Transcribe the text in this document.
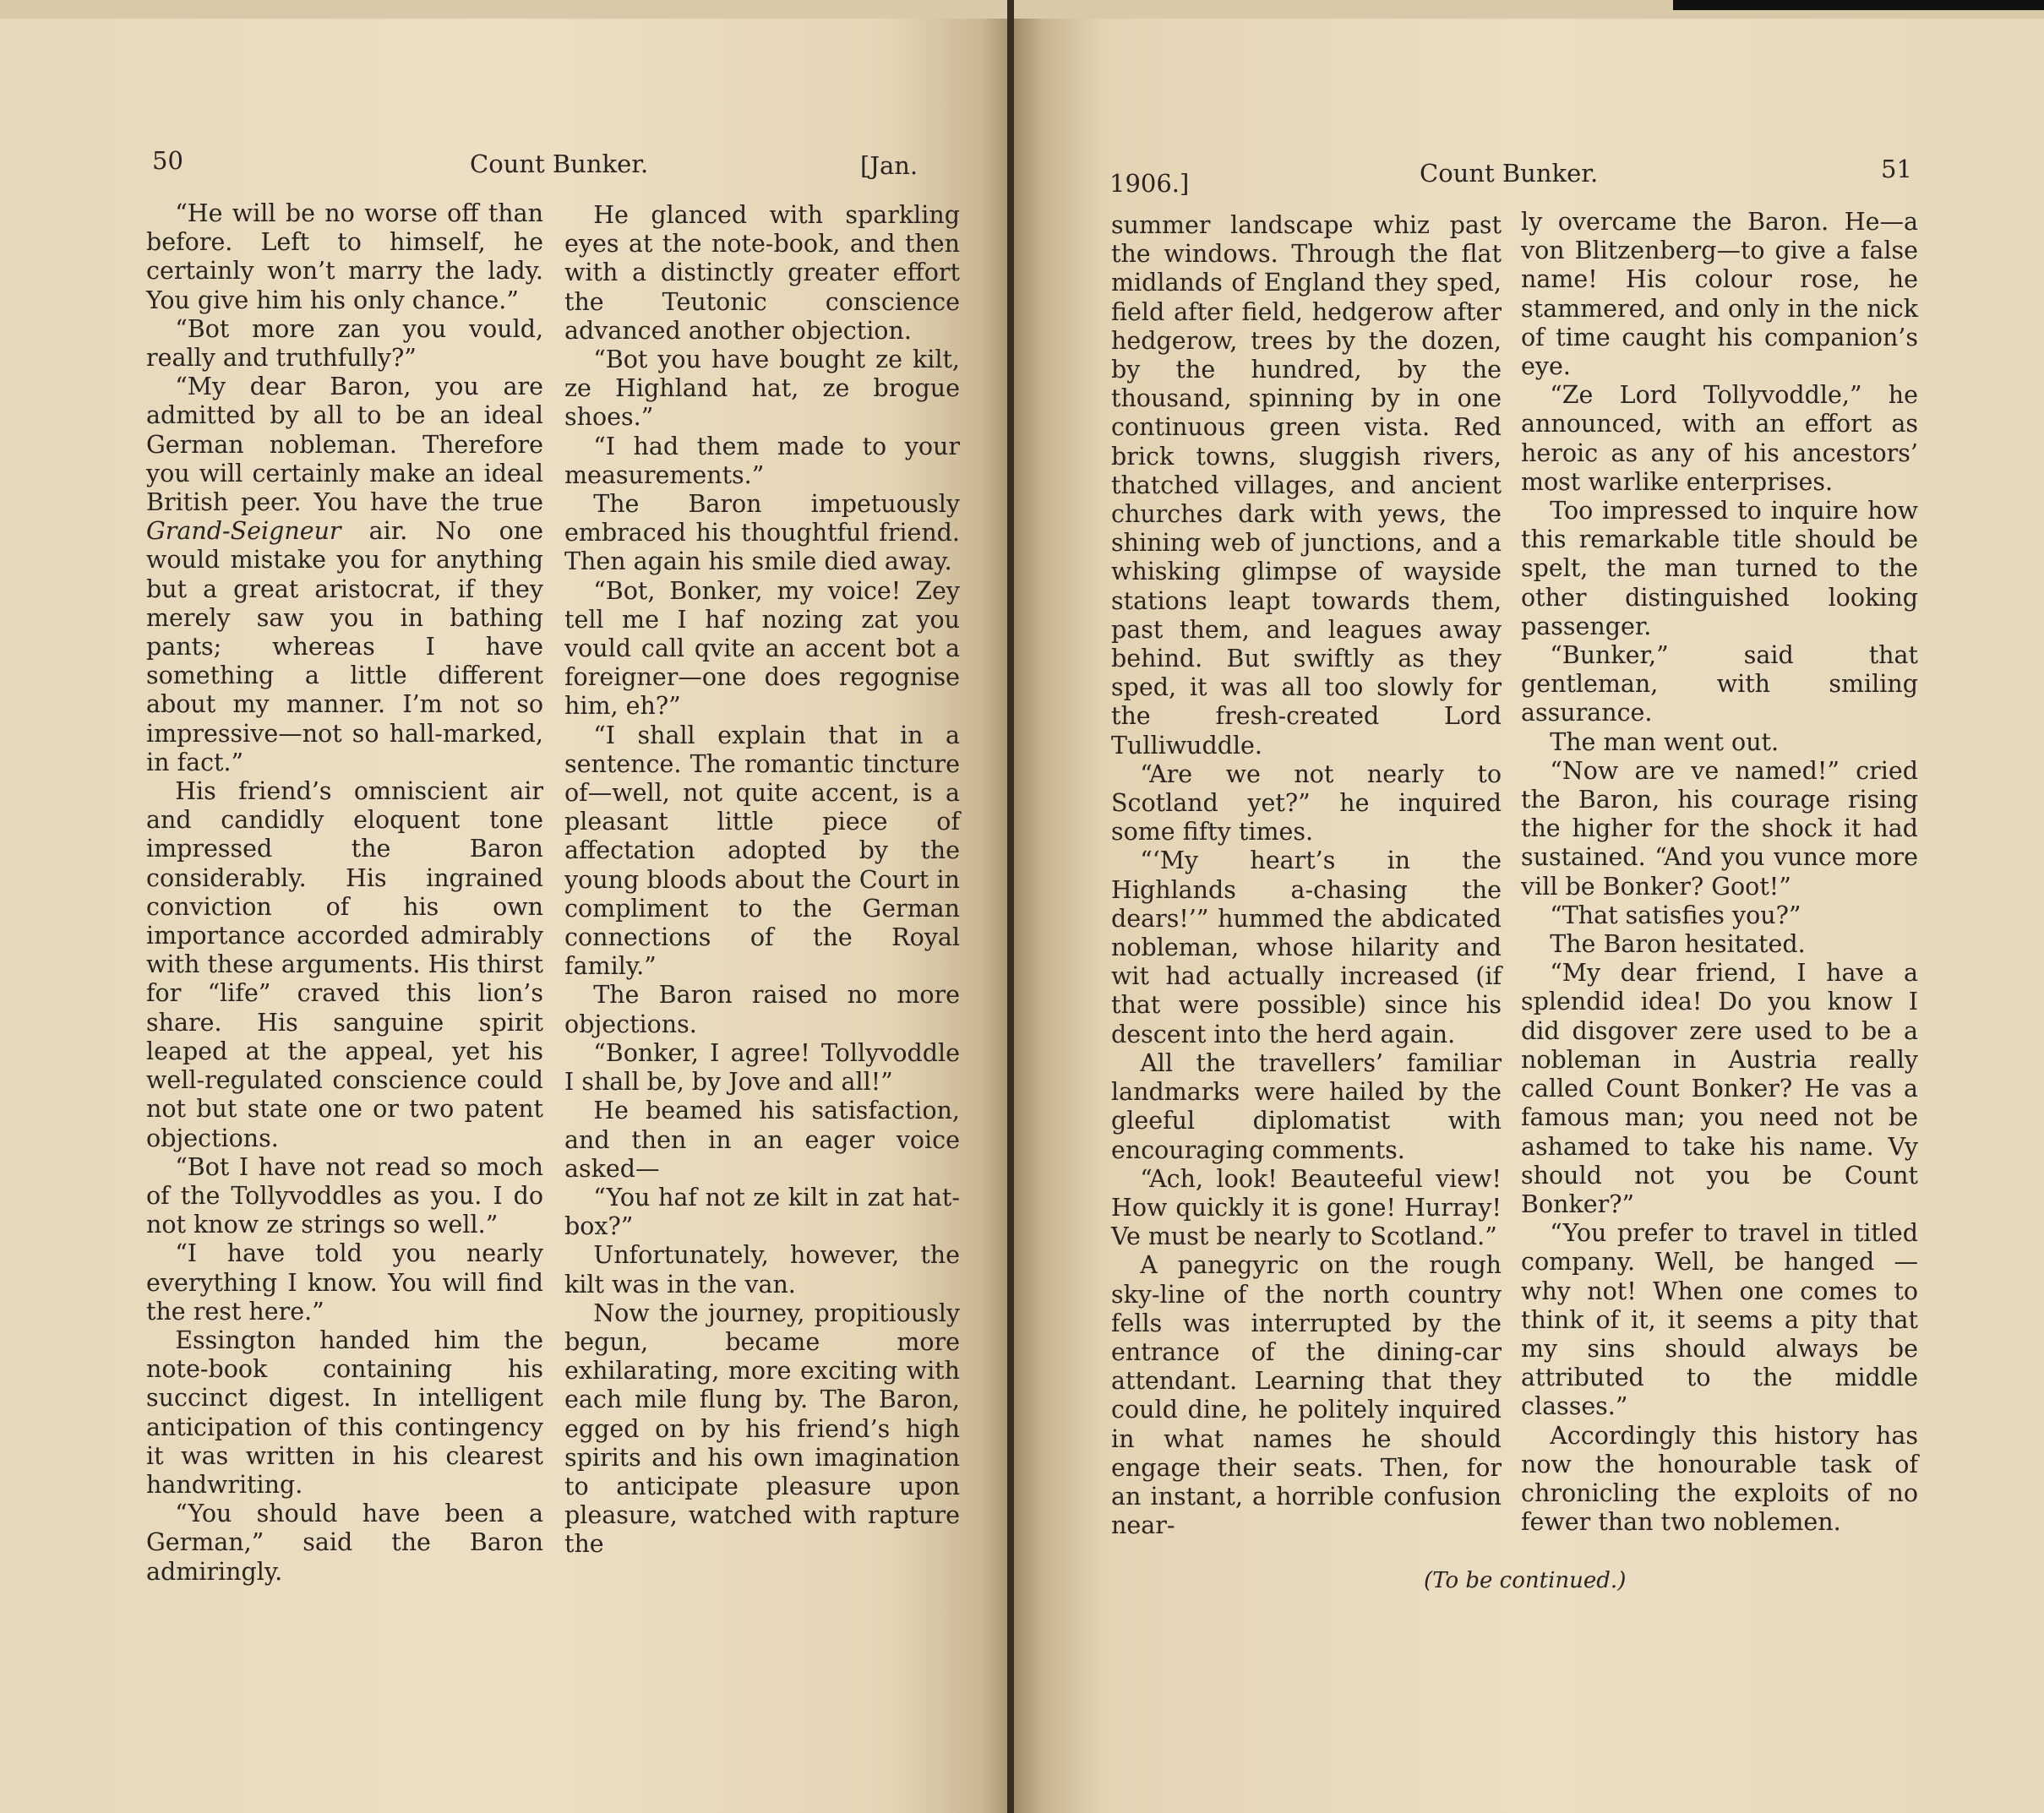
50	Count Bunker.	[Jan.

“He will be no worse off than before. Left to himself, he certainly won’t marry the lady. You give him his only chance.”

“Bot more zan you vould, really and truthfully?”

“My dear Baron, you are admitted by all to be an ideal German nobleman. Therefore you will certainly make an ideal British peer. You have the true Grand-Seigneur air. No one would mistake you for anything but a great aristocrat, if they merely saw you in bathing pants; whereas I have something a little different about my manner. I’m not so impressive—not so hall-marked, in fact.”

His friend’s omniscient air and candidly eloquent tone impressed the Baron considerably. His ingrained conviction of his own importance accorded admirably with these arguments. His thirst for “life” craved this lion’s share. His sanguine spirit leaped at the appeal, yet his well-regulated conscience could not but state one or two patent objections.

“Bot I have not read so moch of the Tollyvoddles as you. I do not know ze strings so well.”

“I have told you nearly everything I know. You will find the rest here.”

Essington handed him the note-book containing his succinct digest. In intelligent anticipation of this contingency it was written in his clearest handwriting.

“You should have been a German,” said the Baron admiringly.

He glanced with sparkling eyes at the note-book, and then with a distinctly greater effort the Teutonic conscience advanced another objection.

“Bot you have bought ze kilt, ze Highland hat, ze brogue shoes.”

“I had them made to your measurements.”

The Baron impetuously embraced his thoughtful friend. Then again his smile died away.

“Bot, Bonker, my voice! Zey tell me I haf nozing zat you vould call qvite an accent bot a foreigner—one does regognise him, eh?”

“I shall explain that in a sentence. The romantic tincture of—well, not quite accent, is a pleasant little piece of affectation adopted by the young bloods about the Court in compliment to the German connections of the Royal family.”

The Baron raised no more objections.

“Bonker, I agree! Tollyvoddle I shall be, by Jove and all!”

He beamed his satisfaction, and then in an eager voice asked—

“You haf not ze kilt in zat hat-box?”

Unfortunately, however, the kilt was in the van.

Now the journey, propitiously begun, became more exhilarating, more exciting with each mile flung by. The Baron, egged on by his friend’s high spirits and his own imagination to anticipate pleasure upon pleasure, watched with rapture the

1906.]	Count Bunker.	51

summer landscape whiz past the windows. Through the flat midlands of England they sped, field after field, hedgerow after hedgerow, trees by the dozen, by the hundred, by the thousand, spinning by in one continuous green vista. Red brick towns, sluggish rivers, thatched villages, and ancient churches dark with yews, the shining web of junctions, and a whisking glimpse of wayside stations leapt towards them, past them, and leagues away behind. But swiftly as they sped, it was all too slowly for the fresh-created Lord Tulliwuddle.

“Are we not nearly to Scotland yet?” he inquired some fifty times.

“‘My heart’s in the Highlands a-chasing the dears!’” hummed the abdicated nobleman, whose hilarity and wit had actually increased (if that were possible) since his descent into the herd again.

All the travellers’ familiar landmarks were hailed by the gleeful diplomatist with encouraging comments.

“Ach, look! Beauteeful view! How quickly it is gone! Hurray! Ve must be nearly to Scotland.”

A panegyric on the rough sky-line of the north country fells was interrupted by the entrance of the dining-car attendant. Learning that they could dine, he politely inquired in what names he should engage their seats. Then, for an instant, a horrible confusion near-

ly overcame the Baron. He—a von Blitzenberg—to give a false name! His colour rose, he stammered, and only in the nick of time caught his companion’s eye.

“Ze Lord Tollyvoddle,” he announced, with an effort as heroic as any of his ancestors’ most warlike enterprises.

Too impressed to inquire how this remarkable title should be spelt, the man turned to the other distinguished looking passenger.

“Bunker,” said that gentleman, with smiling assurance.

The man went out.

“Now are ve named!” cried the Baron, his courage rising the higher for the shock it had sustained. “And you vunce more vill be Bonker? Goot!”

“That satisfies you?”

The Baron hesitated.

“My dear friend, I have a splendid idea! Do you know I did disgover zere used to be a nobleman in Austria really called Count Bonker? He vas a famous man; you need not be ashamed to take his name. Vy should not you be Count Bonker?”

“You prefer to travel in titled company. Well, be hanged — why not! When one comes to think of it, it seems a pity that my sins should always be attributed to the middle classes.”

Accordingly this history has now the honourable task of chronicling the exploits of no fewer than two noblemen.

(To be continued.)
